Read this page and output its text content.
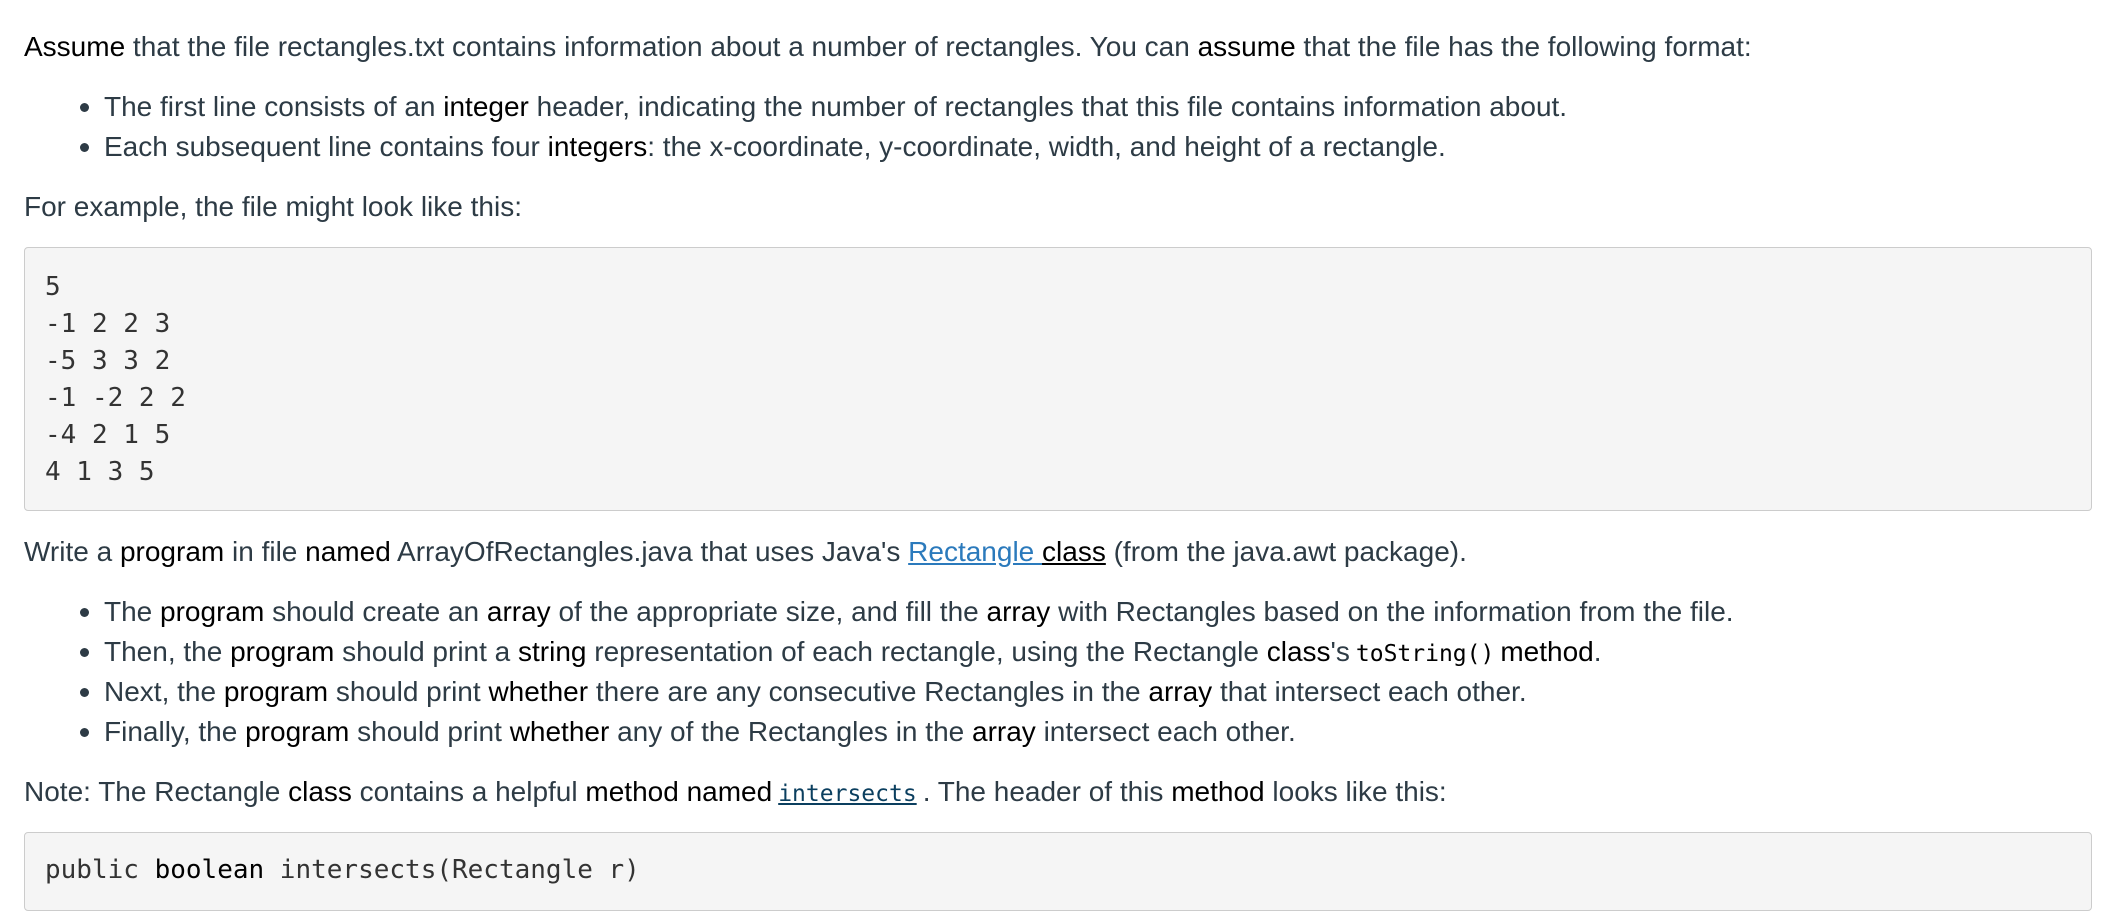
Assume that the file rectangles.txt contains information about a number of rectangles. You can assume that the file has the following format:

The first line consists of an integer header, indicating the number of rectangles that this file contains information about.
Each subsequent line contains four integers: the x-coordinate, y-coordinate, width, and height of a rectangle.

For example, the file might look like this:

5
-1 2 2 3
-5 3 3 2
-1 -2 2 2
-4 2 1 5
4 1 3 5

Write a program in file named ArrayOfRectangles.java that uses Java's Rectangle class (from the java.awt package).

The program should create an array of the appropriate size, and fill the array with Rectangles based on the information from the file.
Then, the program should print a string representation of each rectangle, using the Rectangle class's toString() method.
Next, the program should print whether there are any consecutive Rectangles in the array that intersect each other.
Finally, the program should print whether any of the Rectangles in the array intersect each other.

Note: The Rectangle class contains a helpful method named intersects . The header of this method looks like this:

public boolean intersects(Rectangle r)
